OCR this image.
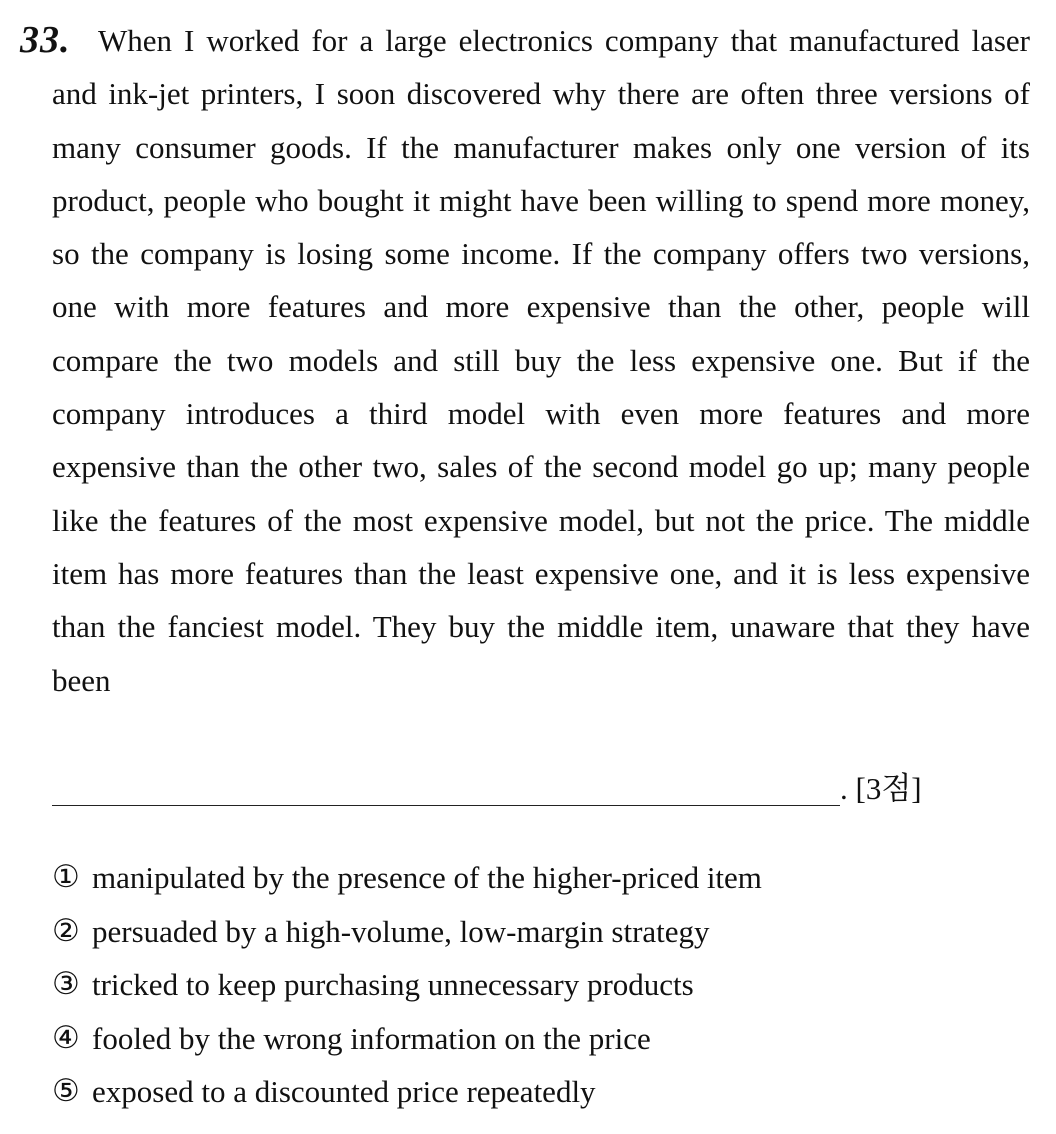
33. When I worked for a large electronics company that manufactured laser and ink-jet printers, I soon discovered why there are often three versions of many consumer goods. If the manufacturer makes only one version of its product, people who bought it might have been willing to spend more money, so the company is losing some income. If the company offers two versions, one with more features and more expensive than the other, people will compare the two models and still buy the less expensive one. But if the company introduces a third model with even more features and more expensive than the other two, sales of the second model go up; many people like the features of the most expensive model, but not the price. The middle item has more features than the least expensive one, and it is less expensive than the fanciest model. They buy the middle item, unaware that they have been

. [3점]
① manipulated by the presence of the higher-priced item
② persuaded by a high-volume, low-margin strategy
③ tricked to keep purchasing unnecessary products
④ fooled by the wrong information on the price
⑤ exposed to a discounted price repeatedly
